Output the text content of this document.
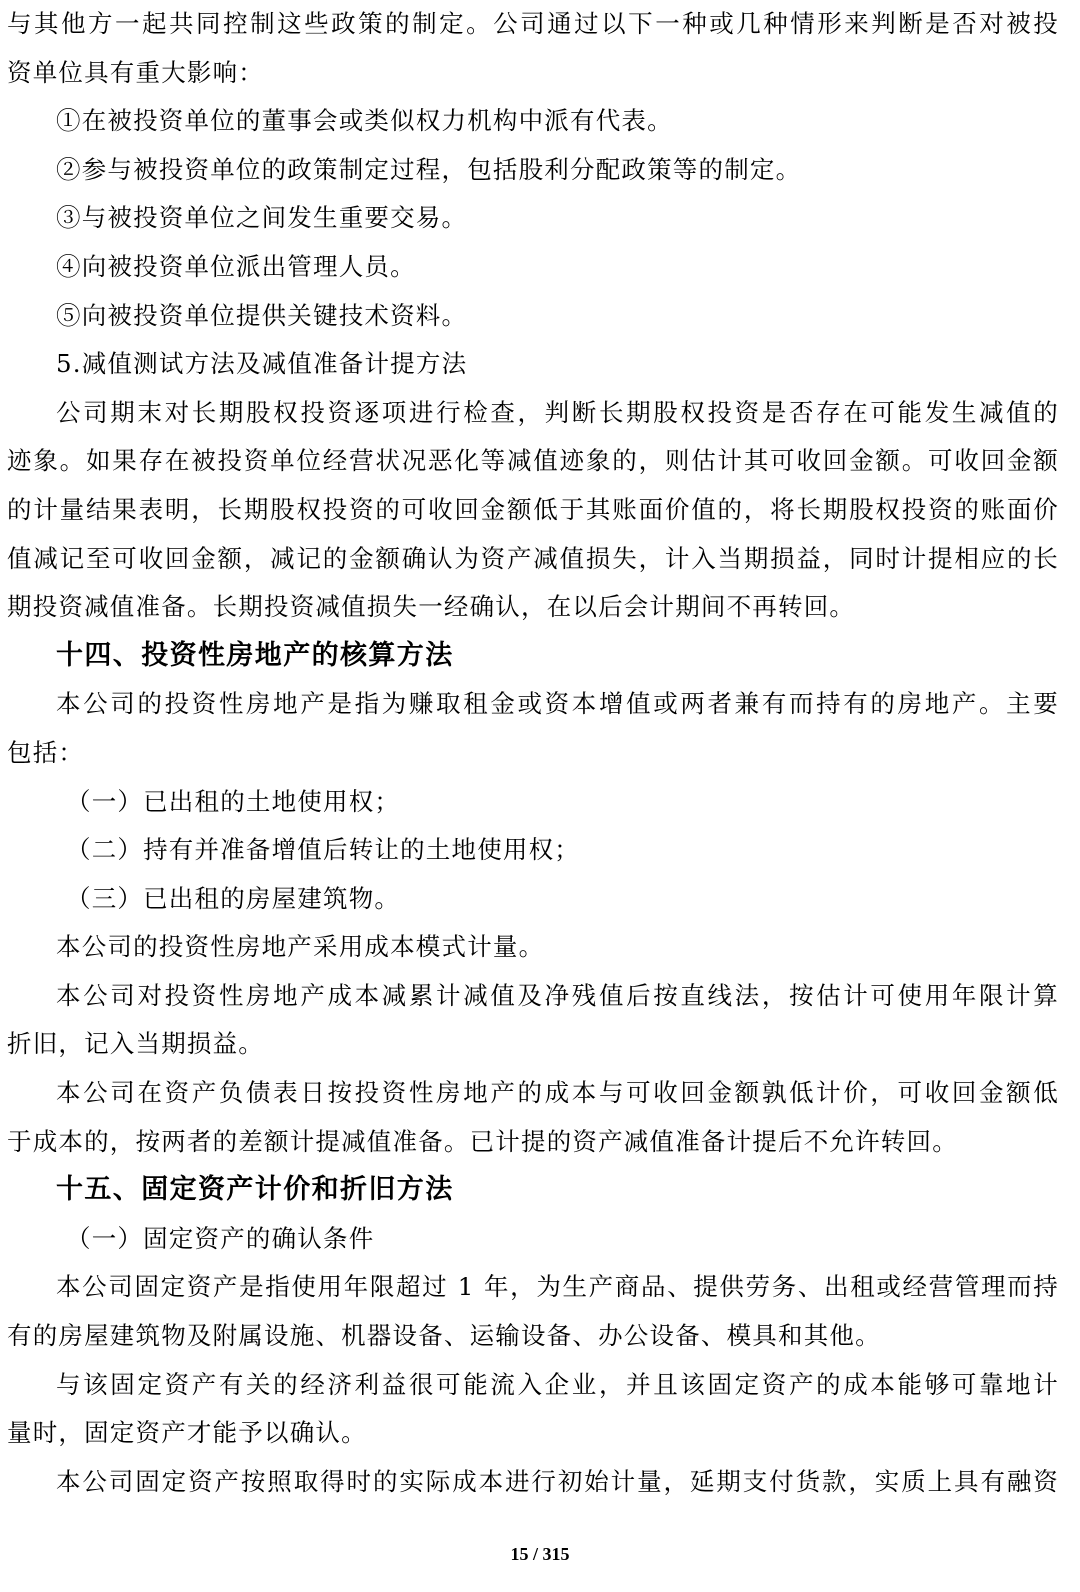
与其他方一起共同控制这些政策的制定。公司通过以下一种或几种情形来判断是否对被投
资单位具有重大影响：
①在被投资单位的董事会或类似权力机构中派有代表。
②参与被投资单位的政策制定过程，包括股利分配政策等的制定。
③与被投资单位之间发生重要交易。
④向被投资单位派出管理人员。
⑤向被投资单位提供关键技术资料。
5.减值测试方法及减值准备计提方法
公司期末对长期股权投资逐项进行检查，判断长期股权投资是否存在可能发生减值的
迹象。如果存在被投资单位经营状况恶化等减值迹象的，则估计其可收回金额。可收回金额
的计量结果表明，长期股权投资的可收回金额低于其账面价值的，将长期股权投资的账面价
值减记至可收回金额，减记的金额确认为资产减值损失，计入当期损益，同时计提相应的长
期投资减值准备。长期投资减值损失一经确认，在以后会计期间不再转回。
十四、投资性房地产的核算方法
本公司的投资性房地产是指为赚取租金或资本增值或两者兼有而持有的房地产。主要
包括：
（一）已出租的土地使用权；
（二）持有并准备增值后转让的土地使用权；
（三）已出租的房屋建筑物。
本公司的投资性房地产采用成本模式计量。
本公司对投资性房地产成本减累计减值及净残值后按直线法，按估计可使用年限计算
折旧，记入当期损益。
本公司在资产负债表日按投资性房地产的成本与可收回金额孰低计价，可收回金额低
于成本的，按两者的差额计提减值准备。已计提的资产减值准备计提后不允许转回。
十五、固定资产计价和折旧方法
（一）固定资产的确认条件
本公司固定资产是指使用年限超过 1 年，为生产商品、提供劳务、出租或经营管理而持
有的房屋建筑物及附属设施、机器设备、运输设备、办公设备、模具和其他。
与该固定资产有关的经济利益很可能流入企业，并且该固定资产的成本能够可靠地计
量时，固定资产才能予以确认。
本公司固定资产按照取得时的实际成本进行初始计量，延期支付货款，实质上具有融资
15 / 315
